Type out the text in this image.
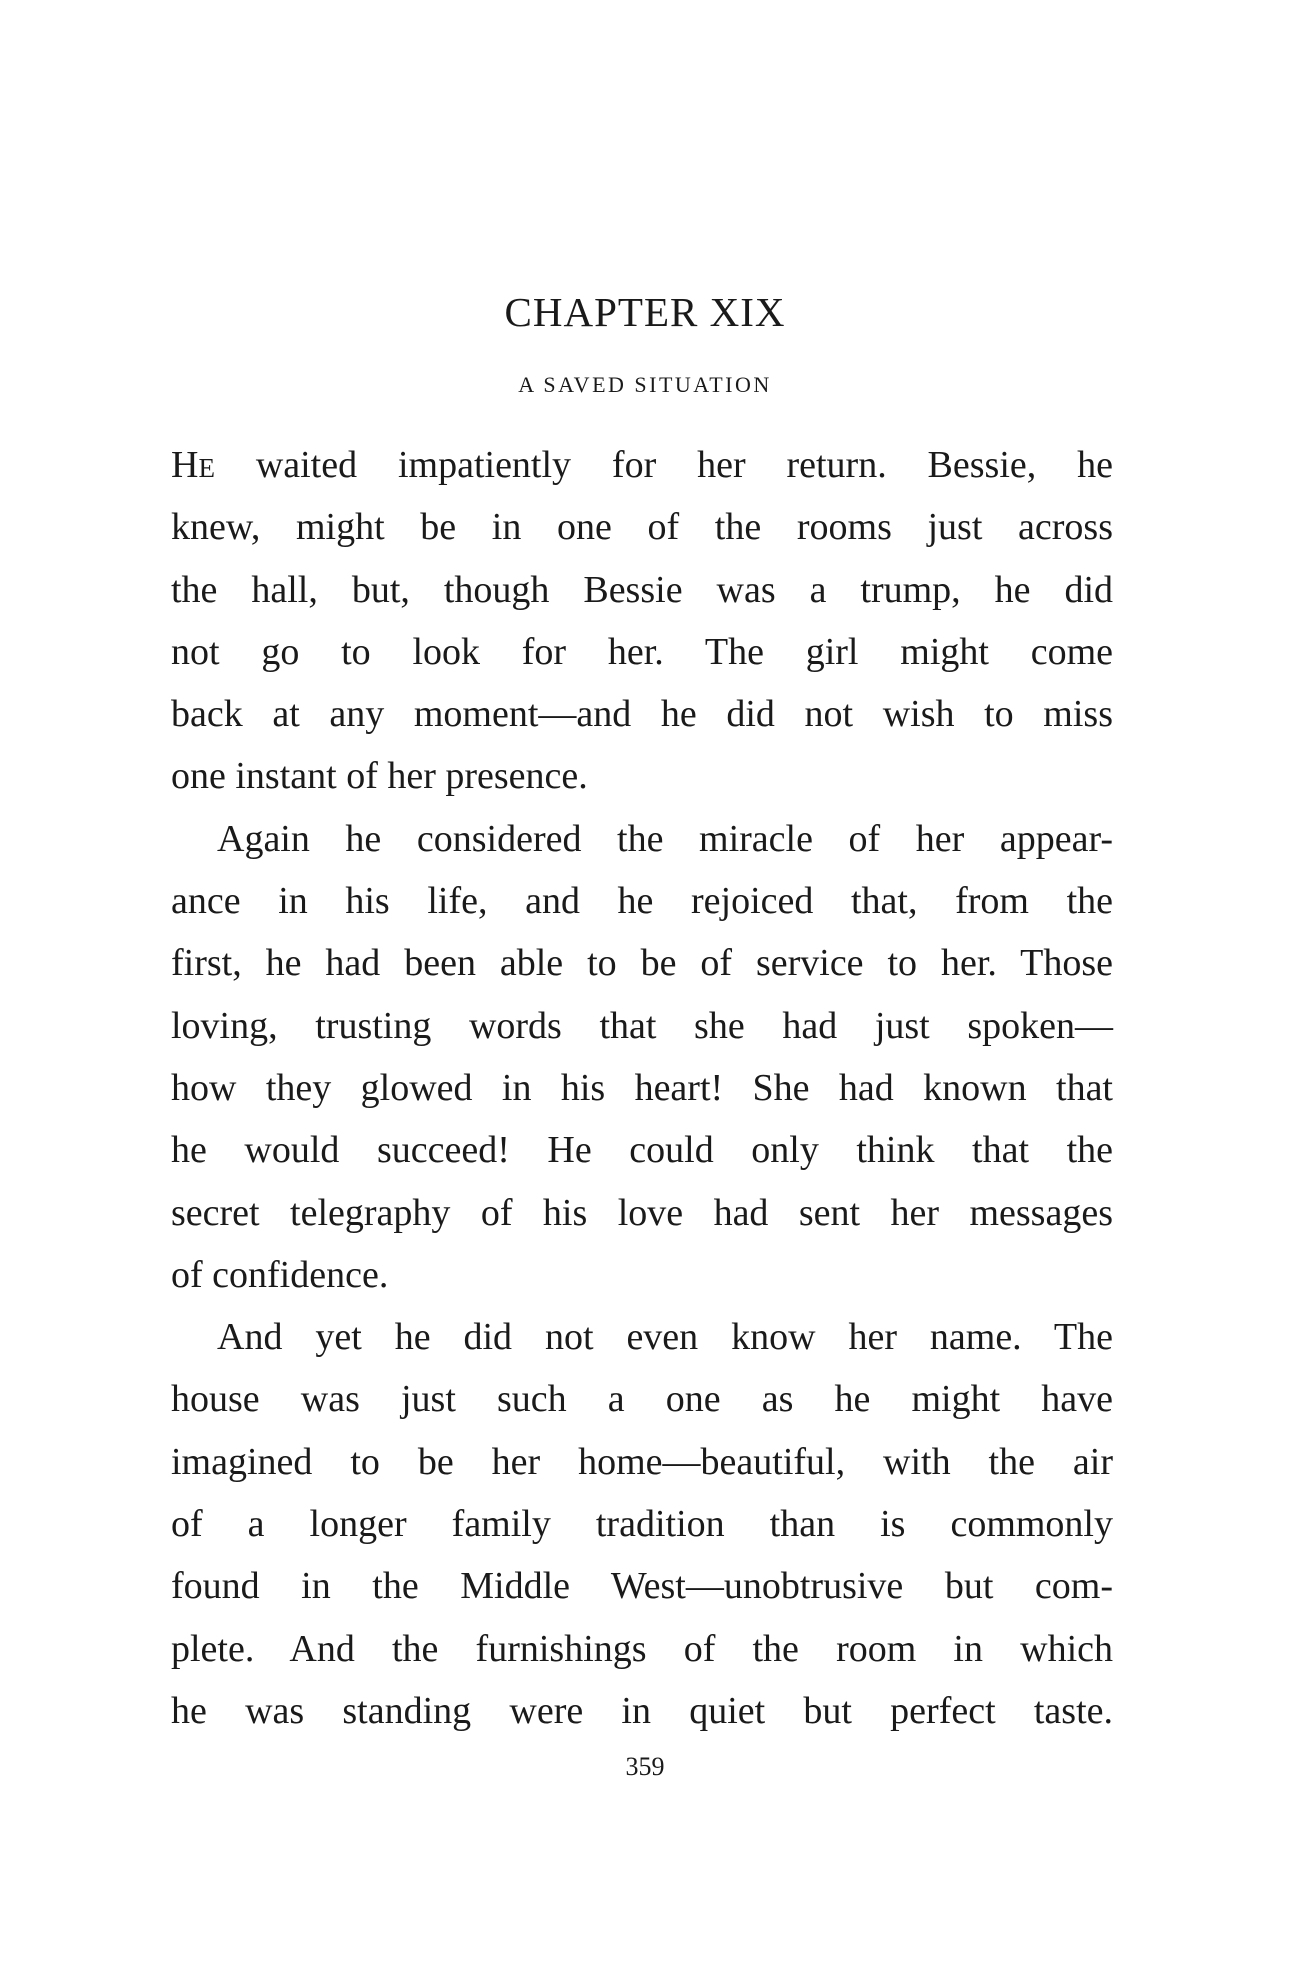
CHAPTER XIX
A SAVED SITUATION
He waited impatiently for her return. Bessie, he
knew, might be in one of the rooms just across
the hall, but, though Bessie was a trump, he did
not go to look for her. The girl might come
back at any moment—and he did not wish to miss
one instant of her presence.
Again he considered the miracle of her appear-
ance in his life, and he rejoiced that, from the
first, he had been able to be of service to her. Those
loving, trusting words that she had just spoken—
how they glowed in his heart! She had known that
he would succeed! He could only think that the
secret telegraphy of his love had sent her messages
of confidence.
And yet he did not even know her name. The
house was just such a one as he might have
imagined to be her home—beautiful, with the air
of a longer family tradition than is commonly
found in the Middle West—unobtrusive but com-
plete. And the furnishings of the room in which
he was standing were in quiet but perfect taste.
359
